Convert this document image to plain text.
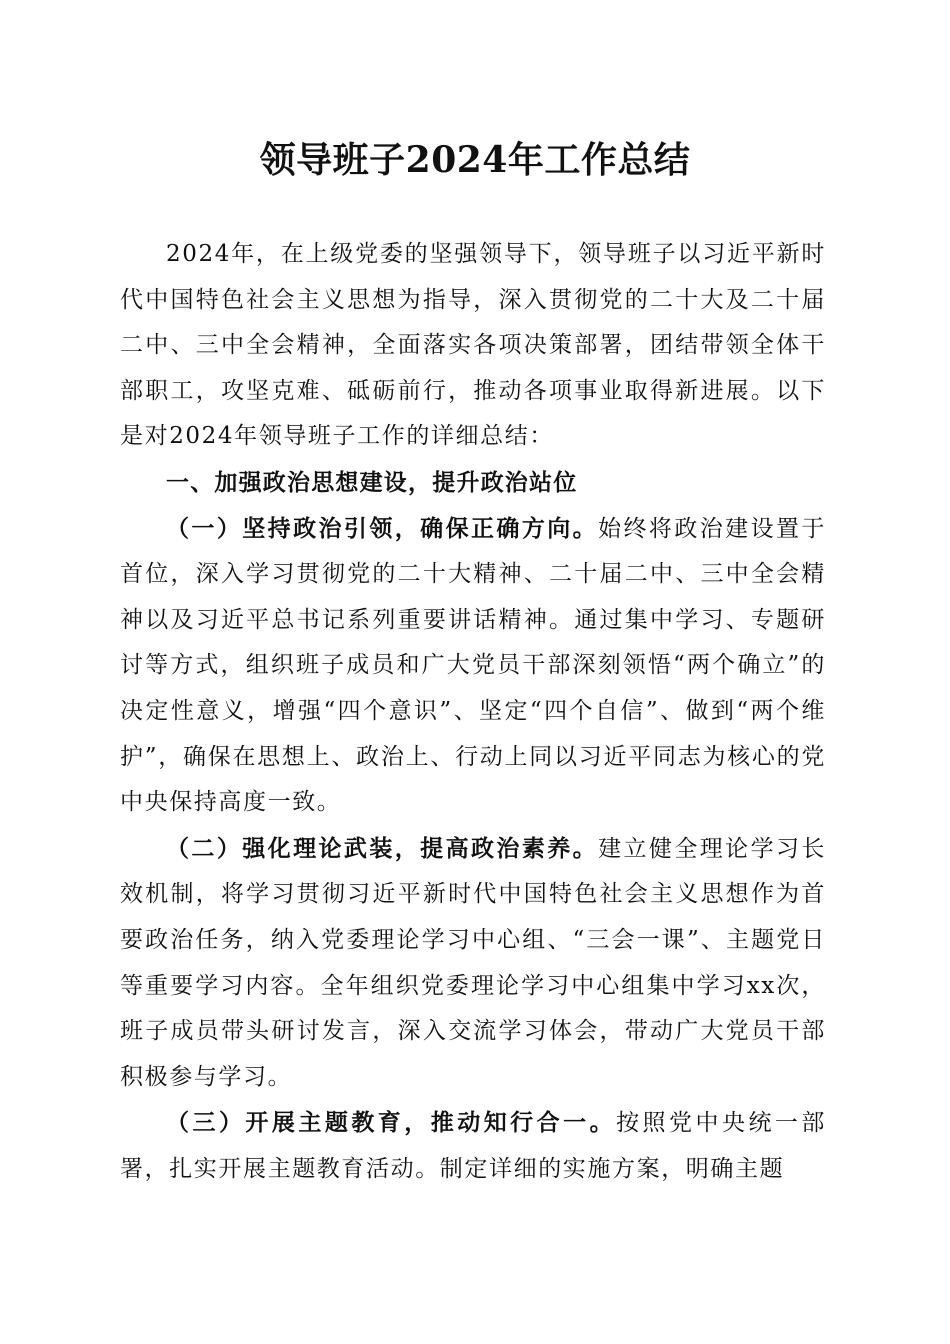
领导班子2024年工作总结

2024年，在上级党委的坚强领导下，领导班子以习近平新时代中国特色社会主义思想为指导，深入贯彻党的二十大及二十届二中、三中全会精神，全面落实各项决策部署，团结带领全体干部职工，攻坚克难、砥砺前行，推动各项事业取得新进展。以下是对2024年领导班子工作的详细总结：

一、加强政治思想建设，提升政治站位

（一）坚持政治引领，确保正确方向。始终将政治建设置于首位，深入学习贯彻党的二十大精神、二十届二中、三中全会精神以及习近平总书记系列重要讲话精神。通过集中学习、专题研讨等方式，组织班子成员和广大党员干部深刻领悟“两个确立”的决定性意义，增强“四个意识”、坚定“四个自信”、做到“两个维护”，确保在思想上、政治上、行动上同以习近平同志为核心的党中央保持高度一致。

（二）强化理论武装，提高政治素养。建立健全理论学习长效机制，将学习贯彻习近平新时代中国特色社会主义思想作为首要政治任务，纳入党委理论学习中心组、“三会一课”、主题党日等重要学习内容。全年组织党委理论学习中心组集中学习xx次，班子成员带头研讨发言，深入交流学习体会，带动广大党员干部积极参与学习。

（三）开展主题教育，推动知行合一。按照党中央统一部署，扎实开展主题教育活动。制定详细的实施方案，明确主题
